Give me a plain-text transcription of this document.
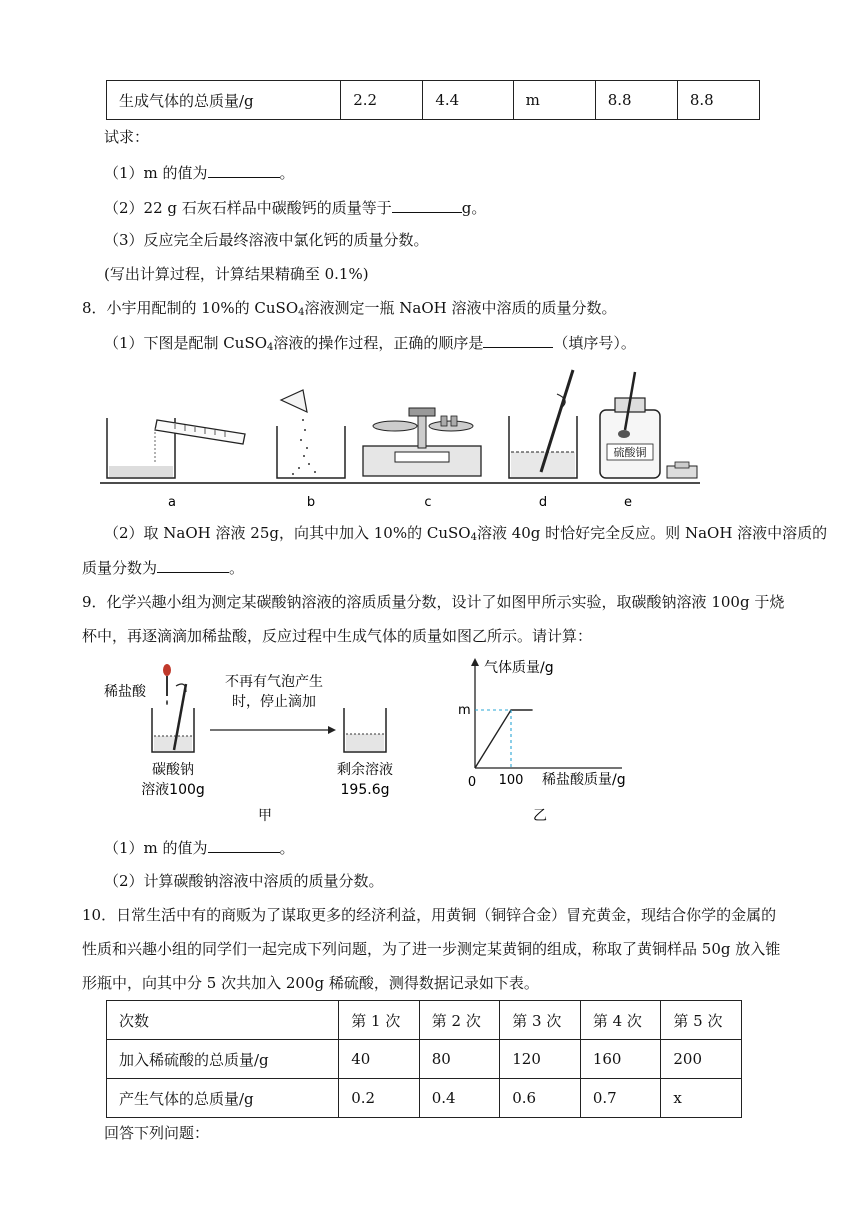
生成气体的总质量/g	2.2	4.4	m	8.8	8.8
试求：
（1）m 的值为	。
（2）22 g 石灰石样品中碳酸钙的质量等于	g。
（3）反应完全后最终溶液中氯化钙的质量分数。
(写出计算过程，计算结果精确至 0.1%)
8．小宇用配制的 10%的 CuSO$_4$溶液测定一瓶 NaOH 溶液中溶质的质量分数。
（1）下图是配制 CuSO$_4$溶液的操作过程，正确的顺序是	（填序号）。
硫酸铜
a	b	c	d	e
（2）取 NaOH 溶液 25g，向其中加入 10%的 CuSO$_4$溶液 40g 时恰好完全反应。则 NaOH 溶液中溶质的
质量分数为	。
9．化学兴趣小组为测定某碳酸钠溶液的溶质质量分数，设计了如图甲所示实验，取碳酸钠溶液 100g 于烧
杯中，再逐滴滴加稀盐酸，反应过程中生成气体的质量如图乙所示。请计算：
稀盐酸
不再有气泡产生
时，停止滴加
碳酸钠
溶液100g
剩余溶液
195.6g
甲
气体质量/g
稀盐酸质量/g
0 100
m
乙
（1）m 的值为	。
（2）计算碳酸钠溶液中溶质的质量分数。
10．日常生活中有的商贩为了谋取更多的经济利益，用黄铜（铜锌合金）冒充黄金，现结合你学的金属的
性质和兴趣小组的同学们一起完成下列问题，为了进一步测定某黄铜的组成，称取了黄铜样品 50g 放入锥
形瓶中，向其中分 5 次共加入 200g 稀硫酸，测得数据记录如下表。
次数	第 1 次	第 2 次	第 3 次	第 4 次	第 5 次
加入稀硫酸的总质量/g	40	80	120	160	200
产生气体的总质量/g	0.2	0.4	0.6	0.7	x
回答下列问题：
